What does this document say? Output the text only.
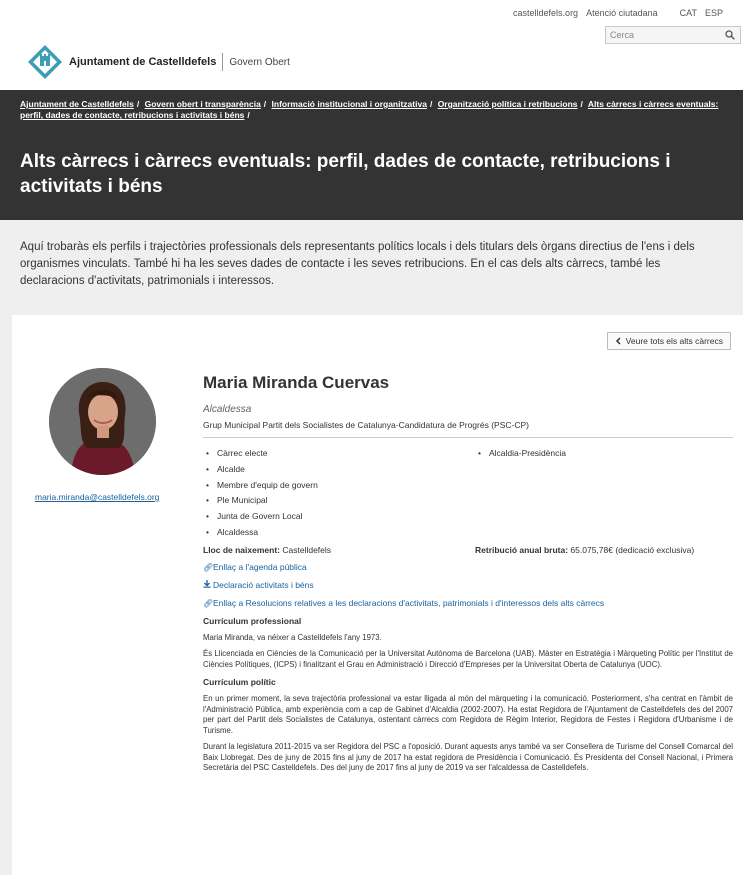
castelldefels.org Atenció ciutadana CAT ESP
Cerca
Ajuntament de Castelldefels Govern Obert
Ajuntament de Castelldefels / Govern obert i transparència / Informació institucional i organitzativa / Organització política i retribucions / Alts càrrecs i càrrecs eventuals: perfil, dades de contacte, retribucions i activitats i béns /
Alts càrrecs i càrrecs eventuals: perfil, dades de contacte, retribucions i activitats i béns

Aquí trobaràs els perfils i trajectòries professionals dels representants polítics locals i dels titulars dels òrgans directius de l'ens i dels organismes vinculats. També hi ha les seves dades de contacte i les seves retribucions. En el cas dels alts càrrecs, també les declaracions d'activitats, patrimonials i interessos.

Veure tots els alts càrrecs
maria.miranda@castelldefels.org
Maria Miranda Cuervas
Alcaldessa
Grup Municipal Partit dels Socialistes de Catalunya-Candidatura de Progrés (PSC-CP)
• Càrrec electe
• Alcalde
• Membre d'equip de govern
• Ple Municipal
• Junta de Govern Local
• Alcaldessa
• Alcaldia-Presidència
Lloc de naixement: Castelldefels	Retribució anual bruta: 65.075,78€ (dedicació exclusiva)
🔗︎ Enllaç a l'agenda pública
Declaració activitats i béns
🔗︎ Enllaç a Resolucions relatives a les declaracions d'activitats, patrimonials i d'interessos dels alts càrrecs
Currículum professional

Maria Miranda, va néixer a Castelldefels l'any 1973.

És Llicenciada en Ciències de la Comunicació per la Universitat Autònoma de Barcelona (UAB). Màster en Estratègia i Màrqueting Polític per l'Institut de Ciències Polítiques, (ICPS) i finalitzant el Grau en Administració i Direcció d'Empreses per la Universitat Oberta de Catalunya (UOC).

Currículum polític

En un primer moment, la seva trajectòria professional va estar lligada al món del màrqueting i la comunicació. Posteriorment, s'ha centrat en l'àmbit de l'Administració Pública, amb experiència com a cap de Gabinet d'Alcaldia (2002-2007). Ha estat Regidora de l'Ajuntament de Castelldefels des del 2007 per part del Partit dels Socialistes de Catalunya, ostentant càrrecs com Regidora de Règim Interior, Regidora de Festes i Regidora d'Urbanisme i de Turisme.

Durant la legislatura 2011-2015 va ser Regidora del PSC a l'oposició. Durant aquests anys també va ser Consellera de Turisme del Consell Comarcal del Baix Llobregat. Des de juny de 2015 fins al juny de 2017 ha estat regidora de Presidència i Comunicació. És Presidenta del Consell Nacional, i Primera Secretària del PSC Castelldefels. Des del juny de 2017 fins al juny de 2019 va ser l'alcaldessa de Castelldefels.
